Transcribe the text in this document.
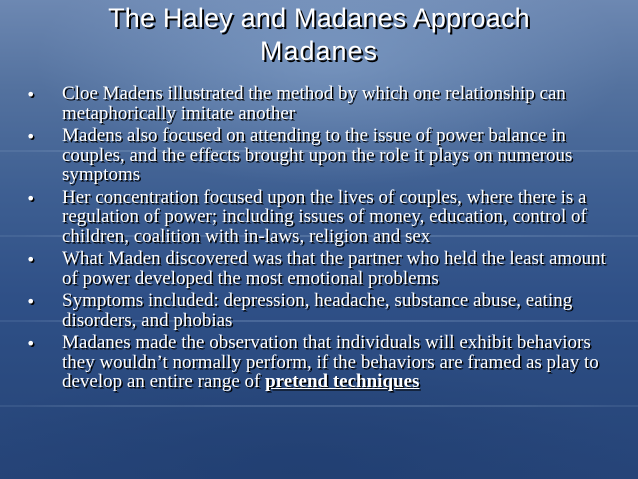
The Haley and Madanes Approach
Madanes
• Cloe Madens illustrated the method by which one relationship can metaphorically imitate another
• Madens also focused on attending to the issue of power balance in couples, and the effects brought upon the role it plays on numerous symptoms
• Her concentration focused upon the lives of couples, where there is a regulation of power; including issues of money, education, control of children, coalition with in-laws, religion and sex
• What Maden discovered was that the partner who held the least amount of power developed the most emotional problems
• Symptoms included: depression, headache, substance abuse, eating disorders, and phobias
• Madanes made the observation that individuals will exhibit behaviors they wouldn’t normally perform, if the behaviors are framed as play to develop an entire range of pretend techniques
